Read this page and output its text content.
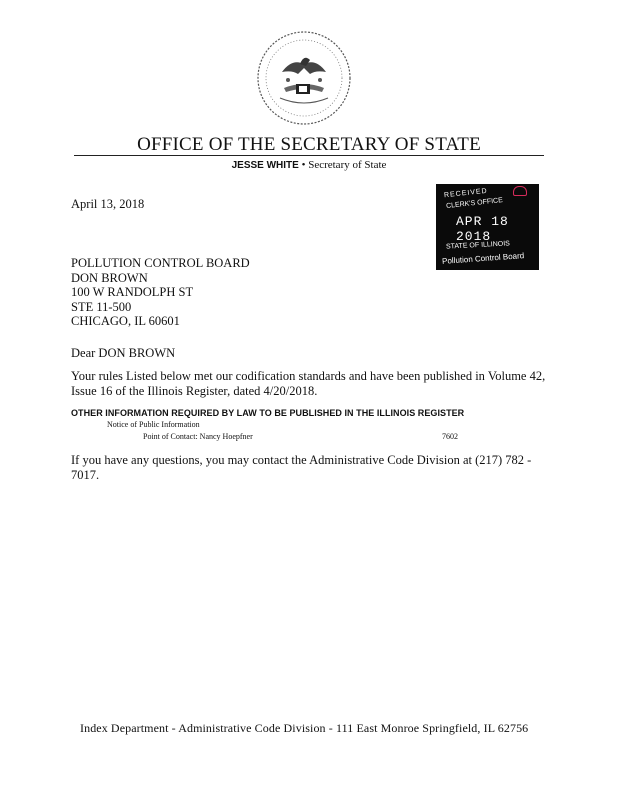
OFFICE OF THE SECRETARY OF STATE
JESSE WHITE • Secretary of State
RECEIVED
CLERK'S OFFICE
APR 18 2018
STATE OF ILLINOIS
Pollution Control Board
April 13, 2018
POLLUTION CONTROL BOARD
DON BROWN
100 W RANDOLPH ST
STE 11-500
CHICAGO, IL 60601
Dear DON BROWN
Your rules Listed below met our codification standards and have been published in Volume 42, Issue 16 of the Illinois Register, dated 4/20/2018.
OTHER INFORMATION REQUIRED BY LAW TO BE PUBLISHED IN THE ILLINOIS REGISTER
Notice of Public Information
Point of Contact: Nancy Hoepfner	7602
If you have any questions, you may contact the Administrative Code Division at (217) 782 - 7017.
Index Department - Administrative Code Division - 111 East Monroe Springfield, IL 62756
